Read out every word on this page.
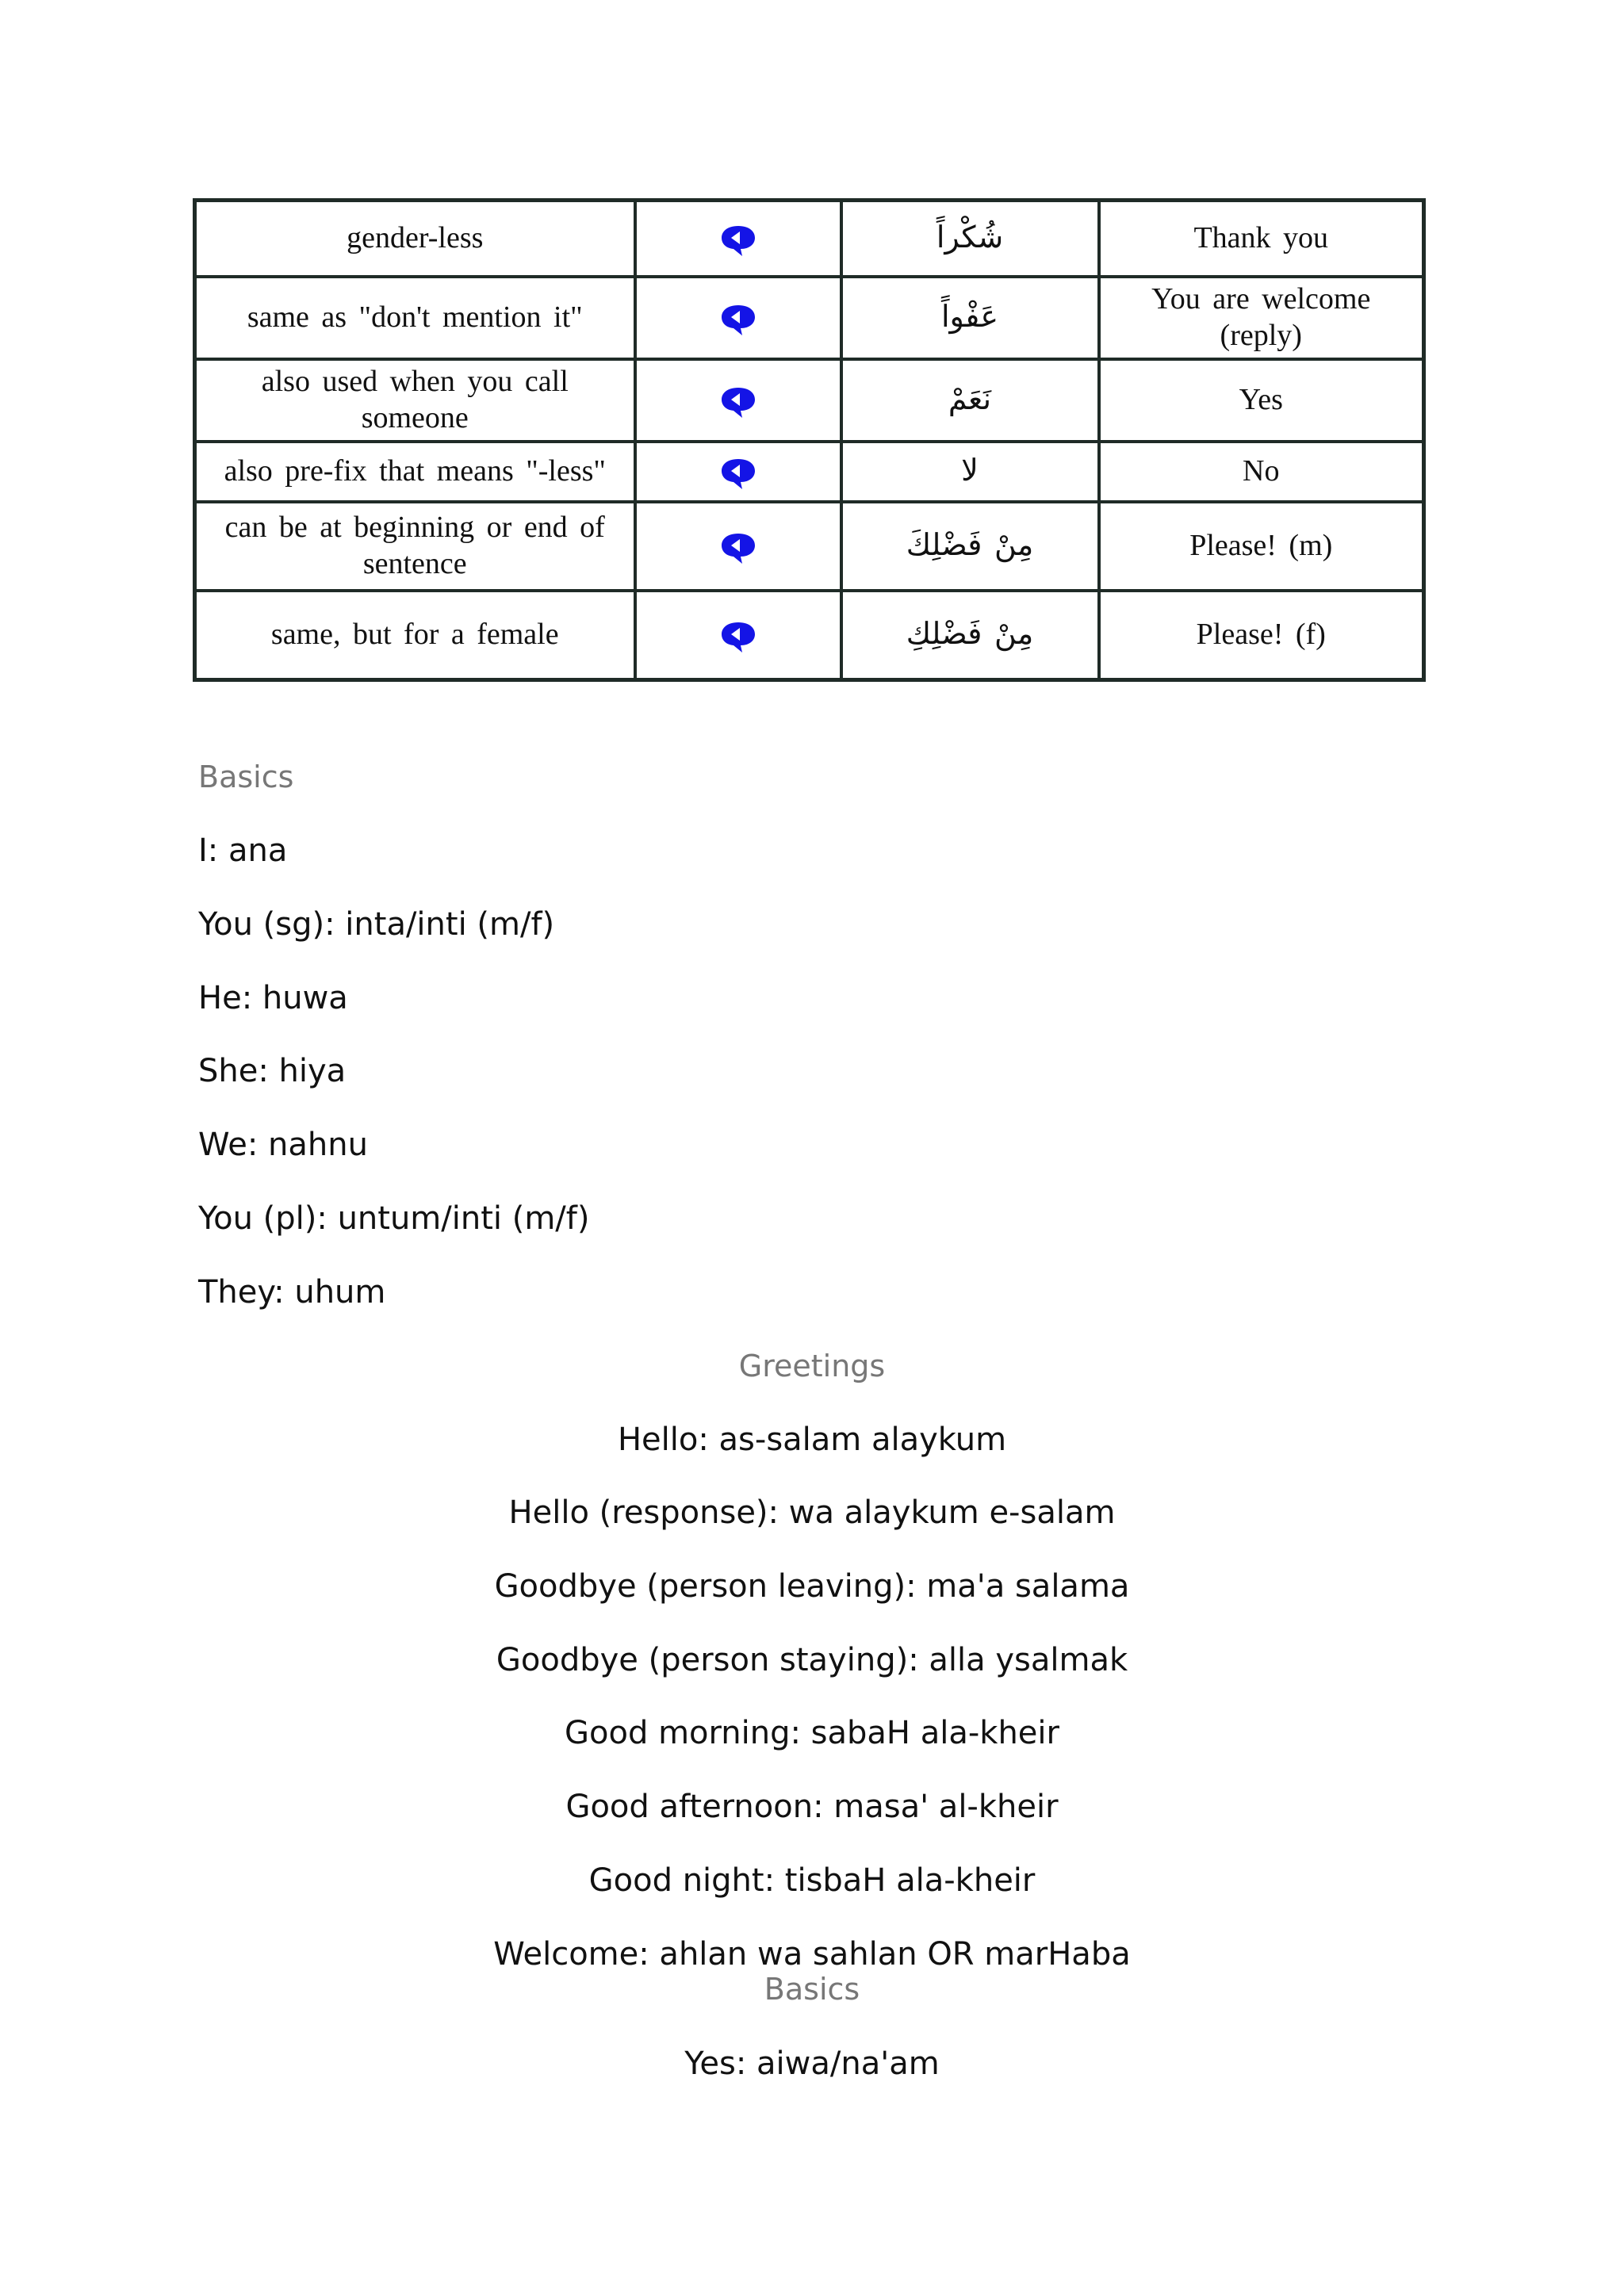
gender-less		شُكْراً	Thank you
same as "don't mention it"		عَفْواً	You are welcome (reply)
also used when you call someone		نَعَمْ	Yes
also pre-fix that means "-less"		لا	No
can be at beginning or end of sentence		مِنْ فَضْلِكَ	Please! (m)
same, but for a female		مِنْ فَضْلِكِ	Please! (f)
Basics
I: ana
You (sg): inta/inti (m/f)
He: huwa
She: hiya
We: nahnu
You (pl): untum/inti (m/f)
They: uhum
Greetings
Hello: as-salam alaykum
Hello (response): wa alaykum e-salam
Goodbye (person leaving): ma'a salama
Goodbye (person staying): alla ysalmak
Good morning: sabaH ala-kheir
Good afternoon: masa' al-kheir
Good night: tisbaH ala-kheir
Welcome: ahlan wa sahlan OR marHaba
Basics
Yes: aiwa/na'am
